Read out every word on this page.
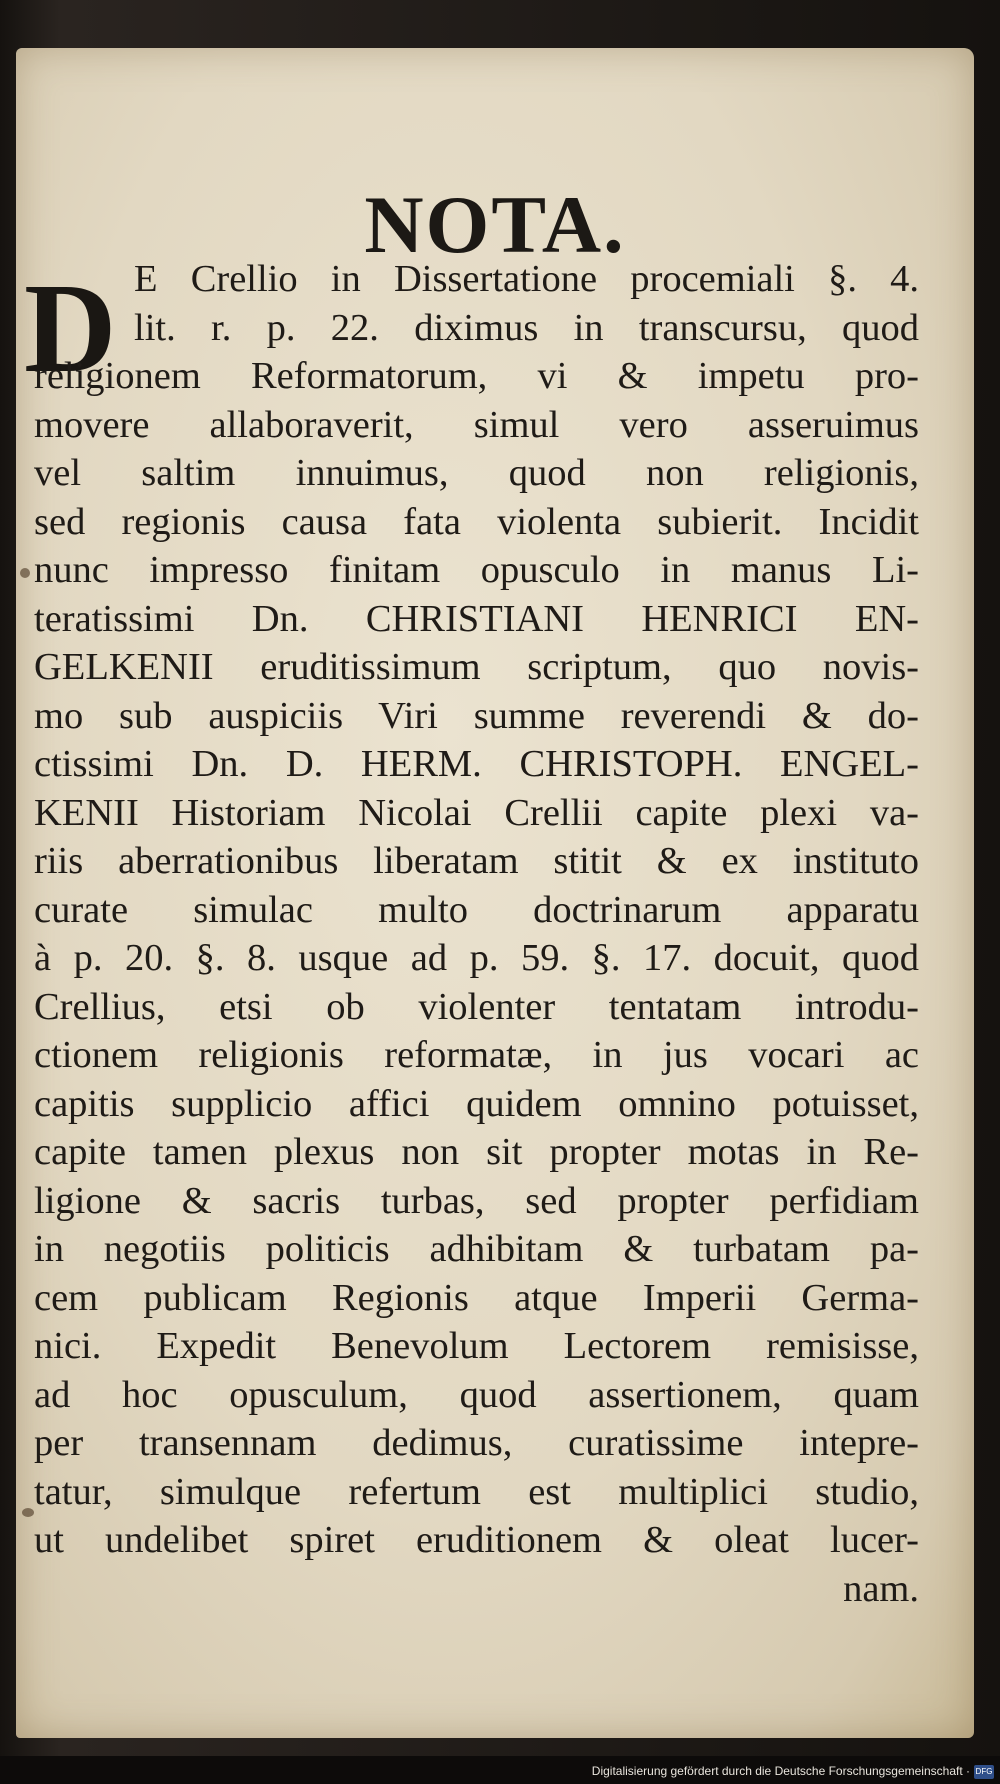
NOTA.
D E Crellio in Dissertatione procemiali §. 4.
lit. r. p. 22. diximus in transcursu, quod
religionem Reformatorum, vi & impetu pro-
movere allaboraverit, simul vero asseruimus
vel saltim innuimus, quod non religionis,
sed regionis causa fata violenta subierit. Incidit
nunc impresso finitam opusculo in manus Li-
teratissimi Dn. CHRISTIANI HENRICI EN-
GELKENII eruditissimum scriptum, quo novis-
mo sub auspiciis Viri summe reverendi & do-
ctissimi Dn. D. HERM. CHRISTOPH. ENGEL-
KENII Historiam Nicolai Crellii capite plexi va-
riis aberrationibus liberatam stitit & ex instituto
curate simulac multo doctrinarum apparatu
à p. 20. §. 8. usque ad p. 59. §. 17. docuit, quod
Crellius, etsi ob violenter tentatam introdu-
ctionem religionis reformatæ, in jus vocari ac
capitis supplicio affici quidem omnino potuisset,
capite tamen plexus non sit propter motas in Re-
ligione & sacris turbas, sed propter perfidiam
in negotiis politicis adhibitam & turbatam pa-
cem publicam Regionis atque Imperii Germa-
nici. Expedit Benevolum Lectorem remisisse,
ad hoc opusculum, quod assertionem, quam
per transennam dedimus, curatissime intepre-
tatur, simulque refertum est multiplici studio,
ut undelibet spiret eruditionem & oleat lucer-
nam.
Digitalisierung gefördert durch die Deutsche Forschungsgemeinschaft · DFG
